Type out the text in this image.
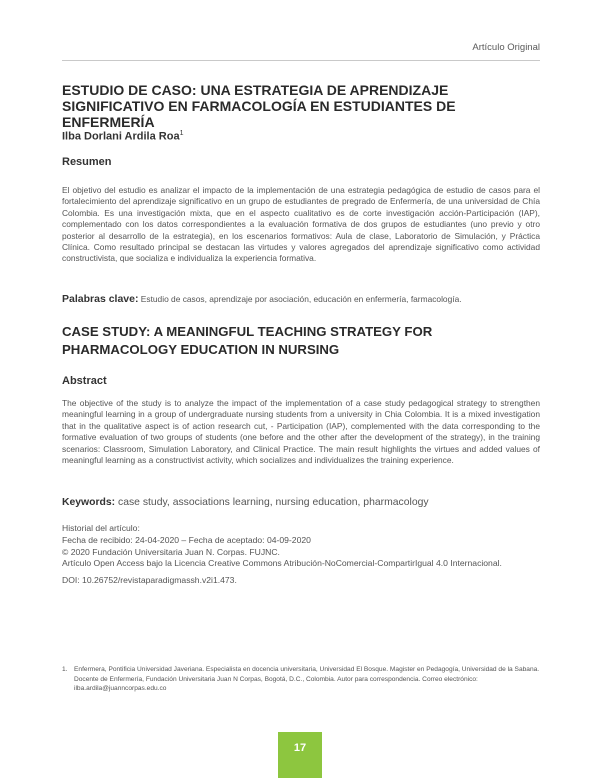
Artículo Original
ESTUDIO DE CASO: UNA ESTRATEGIA DE APRENDIZAJE SIGNIFICATIVO EN FARMACOLOGÍA EN ESTUDIANTES DE ENFERMERÍA
Ilba Dorlani Ardila Roa$^1$
Resumen

El objetivo del estudio es analizar el impacto de la implementación de una estrategia pedagógica de estudio de casos para el fortalecimiento del aprendizaje significativo en un grupo de estudiantes de pregrado de Enfermería, de una universidad de Chía Colombia. Es una investigación mixta, que en el aspecto cualitativo es de corte investigación acción-Participación (IAP), complementado con los datos correspondientes a la evaluación formativa de dos grupos de estudiantes (uno previo y otro posterior al desarrollo de la estrategia), en los escenarios formativos: Aula de clase, Laboratorio de Simulación, y Práctica Clínica. Como resultado principal se destacan las virtudes y valores agregados del aprendizaje significativo como actividad constructivista, que socializa e individualiza la experiencia formativa.

Palabras clave: Estudio de casos, aprendizaje por asociación, educación en enfermería, farmacología.
CASE STUDY: A MEANINGFUL TEACHING STRATEGY FOR PHARMACOLOGY EDUCATION IN NURSING
Abstract

The objective of the study is to analyze the impact of the implementation of a case study pedagogical strategy to strengthen meaningful learning in a group of undergraduate nursing students from a university in Chia Colombia. It is a mixed investigation that in the qualitative aspect is of action research cut, - Participation (IAP), complemented with the data corresponding to the formative evaluation of two groups of students (one before and the other after the development of the strategy), in the training scenarios: Classroom, Simulation Laboratory, and Clinical Practice. The main result highlights the virtues and added values of meaningful learning as a constructivist activity, which socializes and individualizes the training experience.

Keywords: case study, associations learning, nursing education, pharmacology
Historial del artículo:
Fecha de recibido: 24-04-2020 – Fecha de aceptado: 04-09-2020
© 2020 Fundación Universitaria Juan N. Corpas. FUJNC.
Artículo Open Access bajo la Licencia Creative Commons Atribución-NoComercial-CompartirIgual 4.0 Internacional.
DOI: 10.26752/revistaparadigmassh.v2i1.473.
1. Enfermera, Pontificia Universidad Javeriana. Especialista en docencia universitaria, Universidad El Bosque. Magister en Pedagogía, Universidad de la Sabana. Docente de Enfermería, Fundación Universitaria Juan N Corpas, Bogotá, D.C., Colombia. Autor para correspondencia. Correo electrónico: ilba.ardila@juanncorpas.edu.co
17
